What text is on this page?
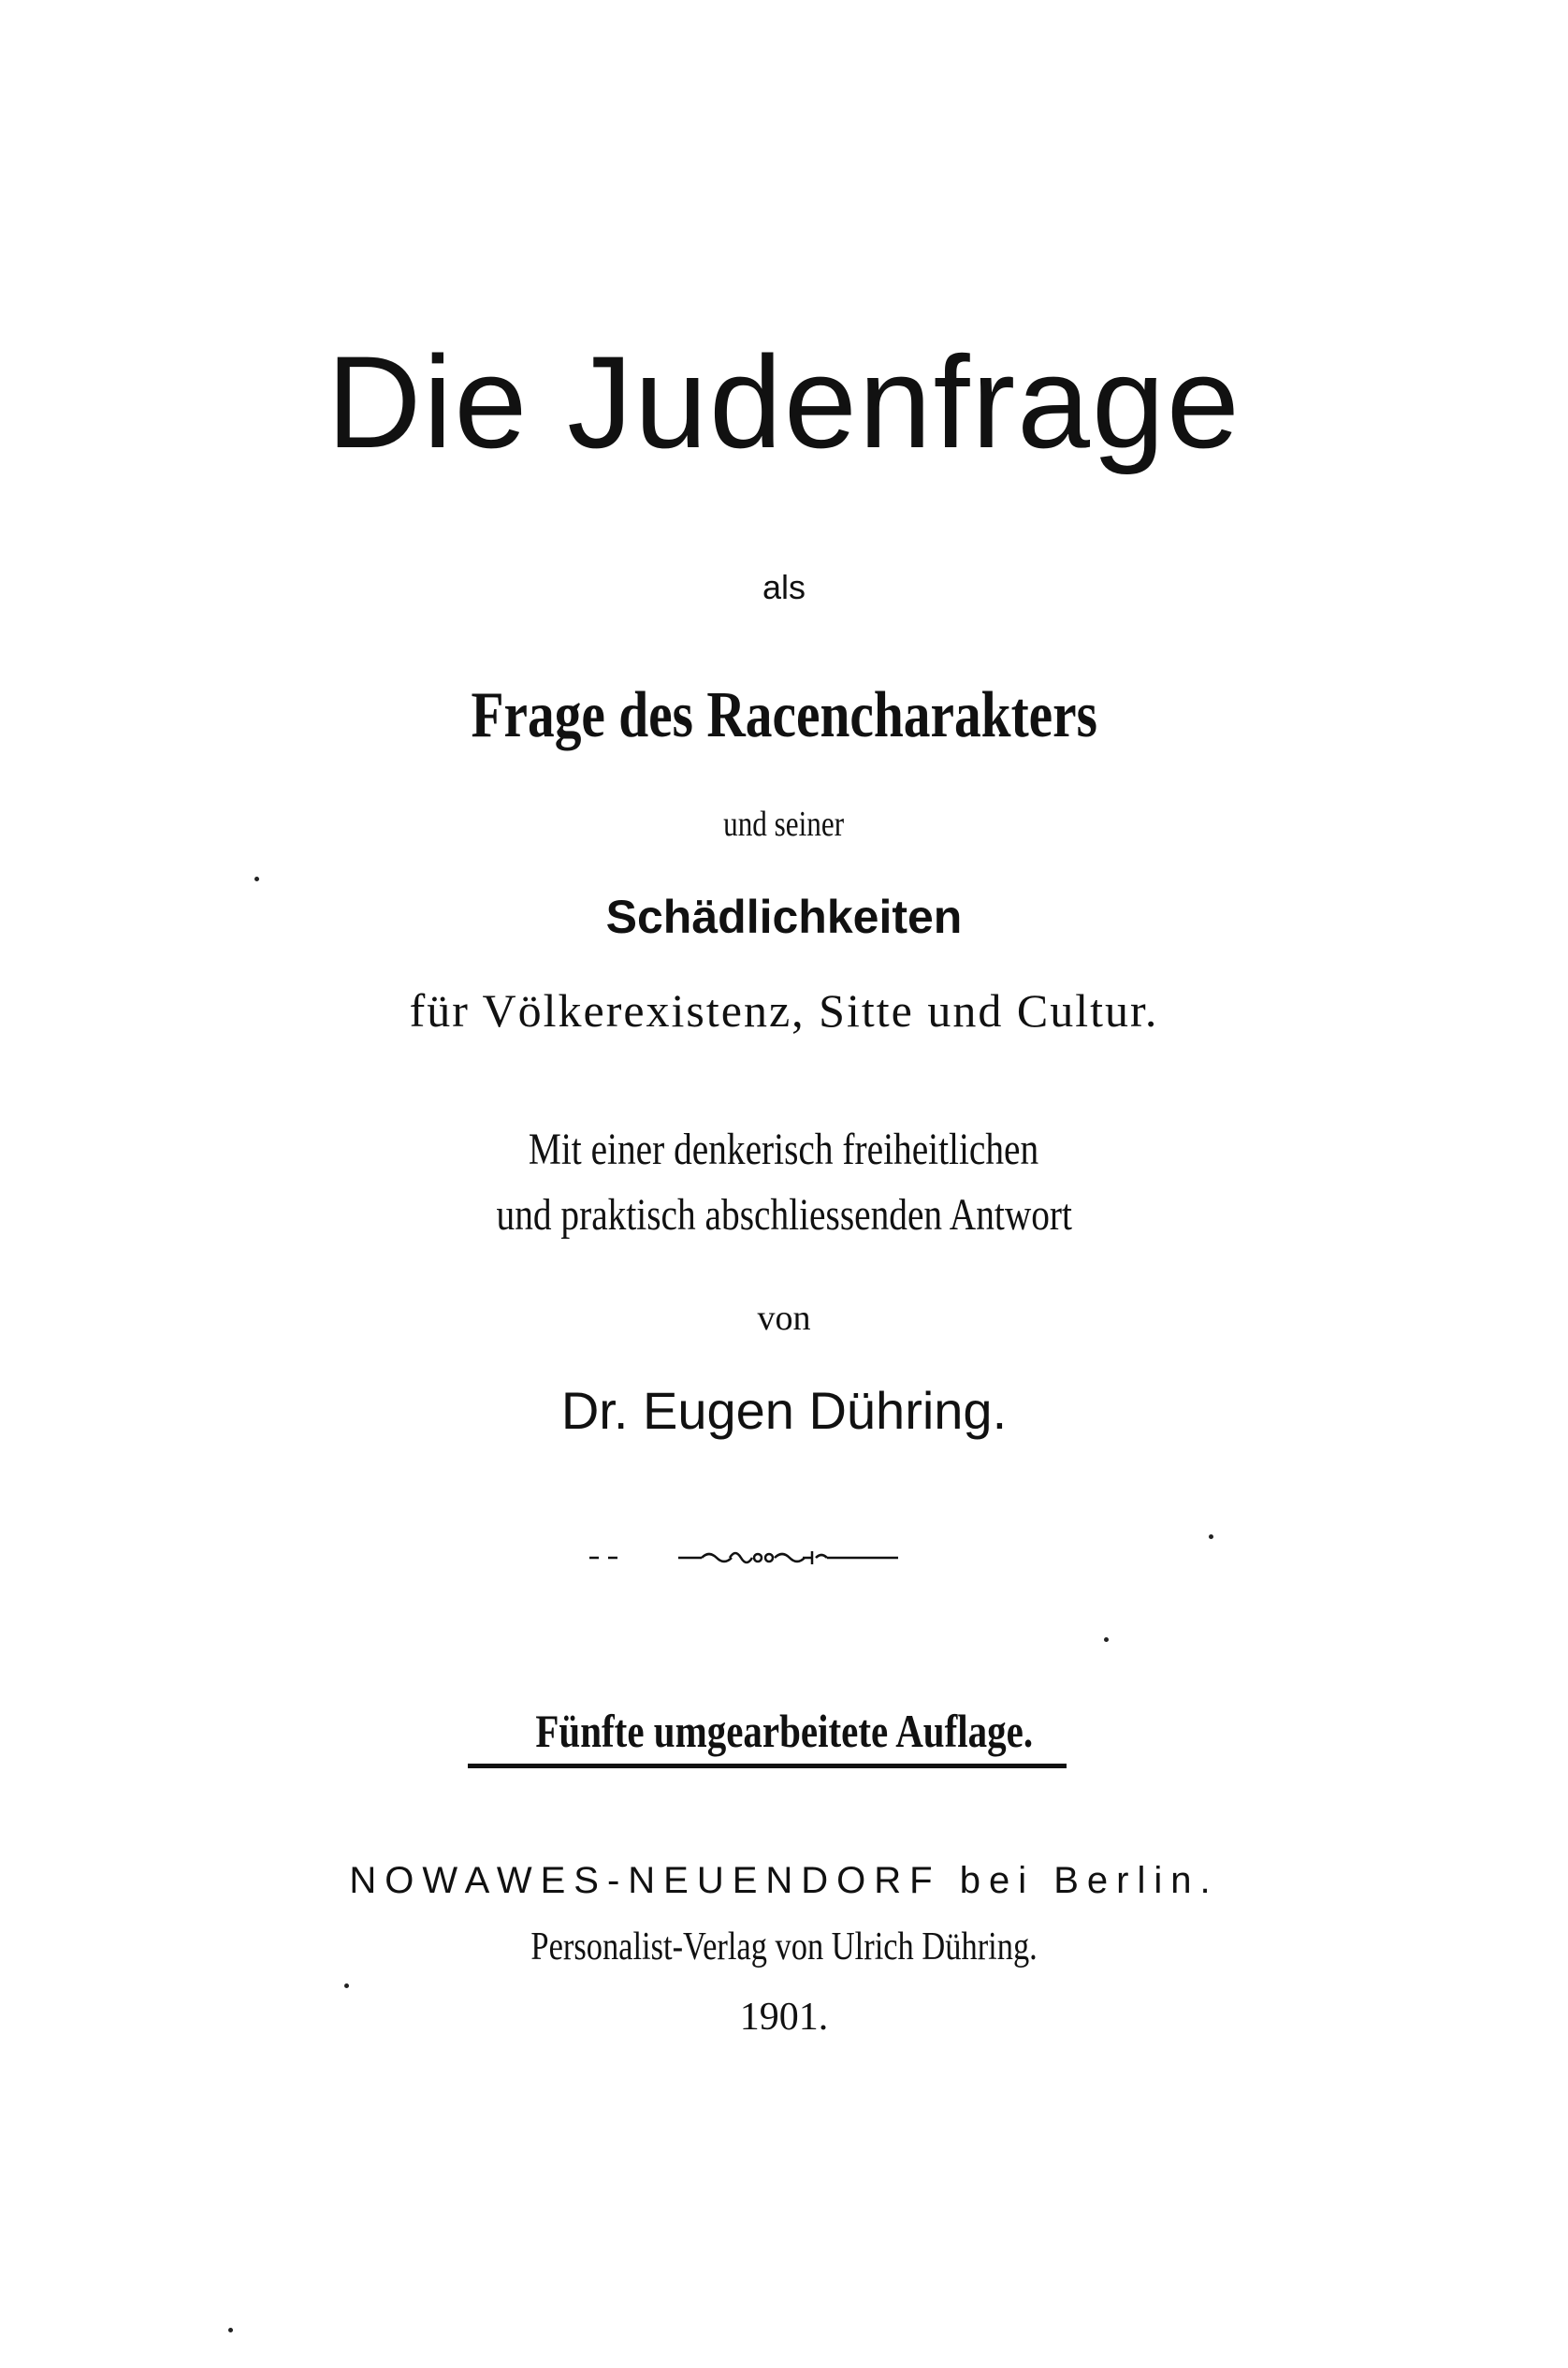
Die Judenfrage
als
Frage des Racencharakters
und seiner
Schädlichkeiten
für Völkerexistenz, Sitte und Cultur.
Mit einer denkerisch freiheitlichen
und praktisch abschliessenden Antwort
von
Dr. Eugen Dühring.
Fünfte umgearbeitete Auflage.
NOWAWES-NEUENDORF bei Berlin.
Personalist-Verlag von Ulrich Dühring.
1901.
